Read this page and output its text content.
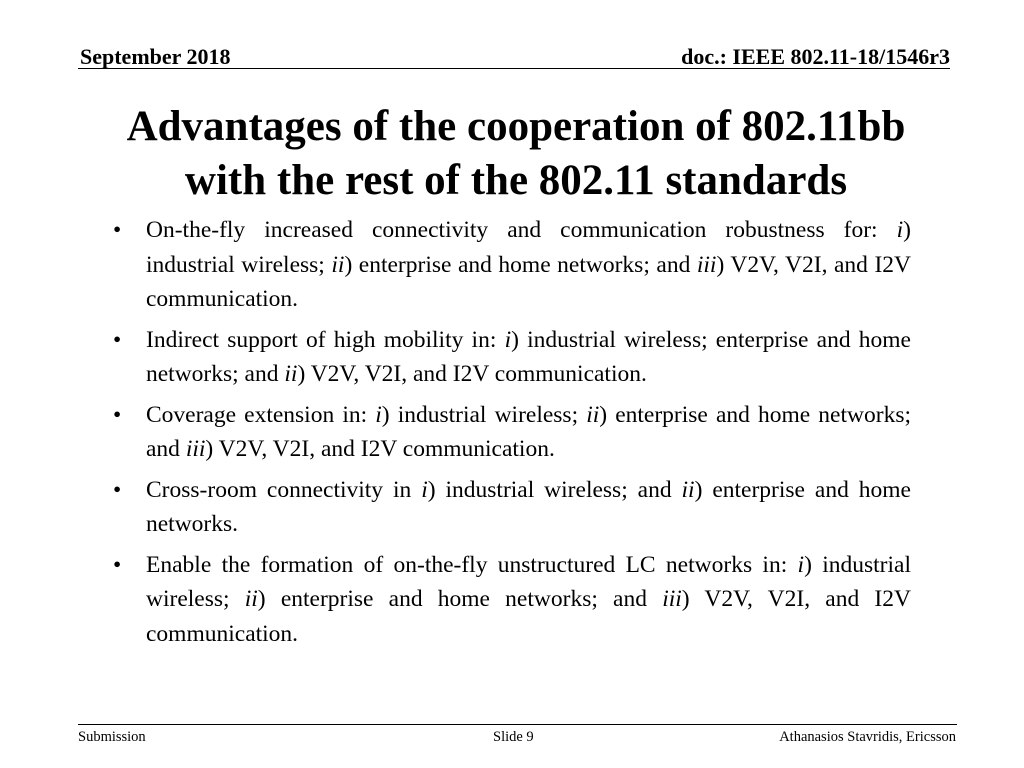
September 2018	doc.: IEEE 802.11-18/1546r3
Advantages of the cooperation of 802.11bb
with the rest of the 802.11 standards
• On-the-fly increased connectivity and communication robustness for: i) industrial wireless; ii) enterprise and home networks; and iii) V2V, V2I, and I2V communication.
• Indirect support of high mobility in: i) industrial wireless; enterprise and home networks; and ii) V2V, V2I, and I2V communication.
• Coverage extension in: i) industrial wireless; ii) enterprise and home networks; and iii) V2V, V2I, and I2V communication.
• Cross-room connectivity in i) industrial wireless; and ii) enterprise and home networks.
• Enable the formation of on-the-fly unstructured LC networks in: i) industrial wireless; ii) enterprise and home networks; and iii) V2V, V2I, and I2V communication.
Submission	Slide 9	Athanasios Stavridis, Ericsson
